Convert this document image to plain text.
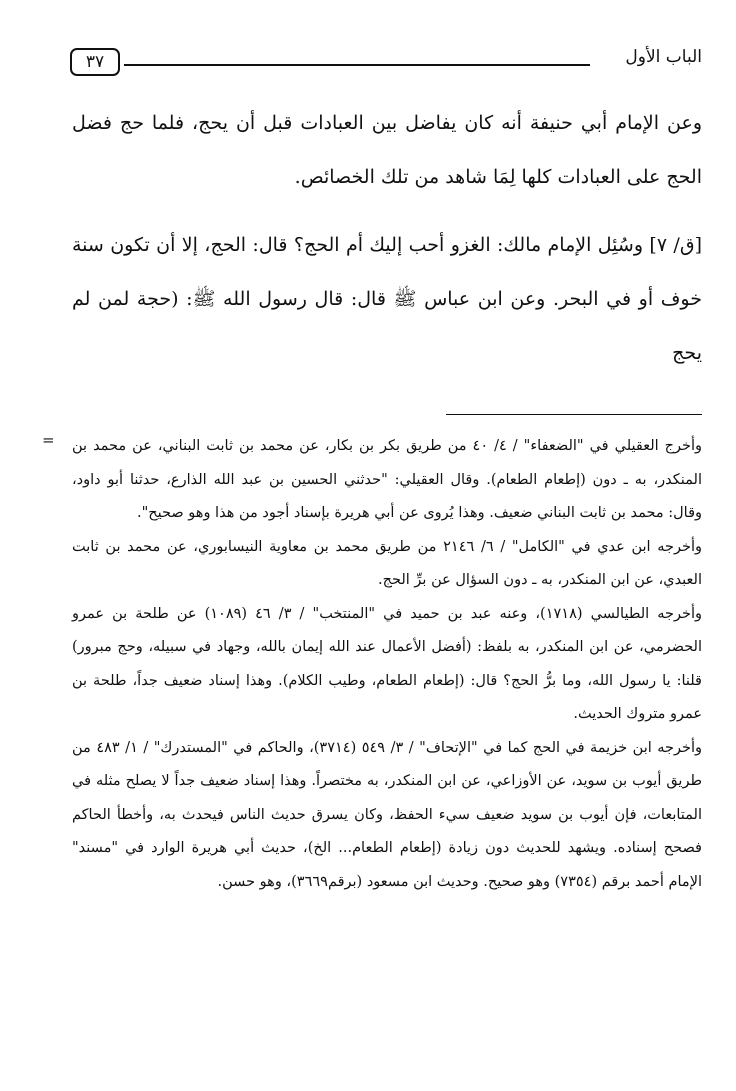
الباب الأول
٣٧

وعن الإمام أبي حنيفة أنه كان يفاضل بين العبادات قبل أن يحج، فلما حج فضل الحج على العبادات كلها لِمَا شاهد من تلك الخصائص.

[ق/ ٧] وسُئِل الإمام مالك: الغزو أحب إليك أم الحج؟ قال: الحج، إلا أن تكون سنة خوف أو في البحر. وعن ابن عباس ﷺ قال: قال رسول الله ﷺ: (حجة لمن لم يحج

= وأخرج العقيلي في "الضعفاء" / ٤/ ٤٠ من طريق بكر بن بكار، عن محمد بن ثابت البناني، عن محمد بن المنكدر، به ـ دون (إطعام الطعام). وقال العقيلي: "حدثني الحسين بن عبد الله الذارع، حدثنا أبو داود، وقال: محمد بن ثابت البناني ضعيف. وهذا يُروى عن أبي هريرة بإسناد أجود من هذا وهو صحيح".

وأخرجه ابن عدي في "الكامل" / ٦/ ٢١٤٦ من طريق محمد بن معاوية النيسابوري، عن محمد بن ثابت العبدي، عن ابن المنكدر، به ـ دون السؤال عن برِّ الحج.

وأخرجه الطيالسي (١٧١٨)، وعنه عبد بن حميد في "المنتخب" / ٣/ ٤٦ (١٠٨٩) عن طلحة بن عمرو الحضرمي، عن ابن المنكدر، به بلفظ: (أفضل الأعمال عند الله إيمان بالله، وجهاد في سبيله، وحج مبرور) قلنا: يا رسول الله، وما برُّ الحج؟ قال: (إطعام الطعام، وطيب الكلام). وهذا إسناد ضعيف جداً، طلحة بن عمرو متروك الحديث.

وأخرجه ابن خزيمة في الحج كما في "الإتحاف" / ٣/ ٥٤٩ (٣٧١٤)، والحاكم في "المستدرك" / ١/ ٤٨٣ من طريق أيوب بن سويد، عن الأوزاعي، عن ابن المنكدر، به مختصراً. وهذا إسناد ضعيف جداً لا يصلح مثله في المتابعات، فإن أيوب بن سويد ضعيف سيء الحفظ، وكان يسرق حديث الناس فيحدث به، وأخطأ الحاكم فصحح إسناده. ويشهد للحديث دون زيادة (إطعام الطعام... الخ)، حديث أبي هريرة الوارد في "مسند" الإمام أحمد برقم (٧٣٥٤) وهو صحيح. وحديث ابن مسعود (برقم٣٦٦٩)، وهو حسن.
